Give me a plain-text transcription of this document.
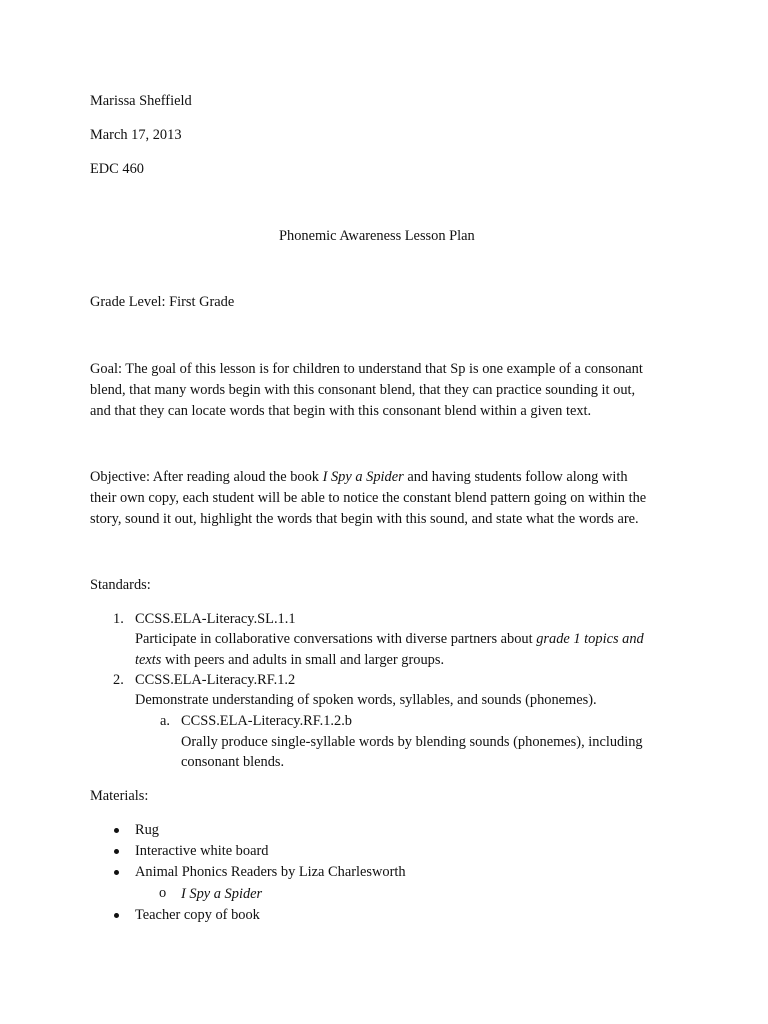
Marissa Sheffield
March 17, 2013
EDC 460
Phonemic Awareness Lesson Plan
Grade Level: First Grade

Goal: The goal of this lesson is for children to understand that Sp is one example of a consonant

blend, that many words begin with this consonant blend, that they can practice sounding it out,

and that they can locate words that begin with this consonant blend within a given text.

Objective: After reading aloud the book I Spy a Spider and having students follow along with

their own copy, each student will be able to notice the constant blend pattern going on within the

story, sound it out, highlight the words that begin with this sound, and state what the words are.

Standards:
1. CCSS.ELA-Literacy.SL.1.1
Participate in collaborative conversations with diverse partners about grade 1 topics and
texts with peers and adults in small and larger groups.
2. CCSS.ELA-Literacy.RF.1.2
Demonstrate understanding of spoken words, syllables, and sounds (phonemes).
a. CCSS.ELA-Literacy.RF.1.2.b
Orally produce single-syllable words by blending sounds (phonemes), including
consonant blends.
Materials:
Rug
Interactive white board
Animal Phonics Readers by Liza Charlesworth
o I Spy a Spider
Teacher copy of book
